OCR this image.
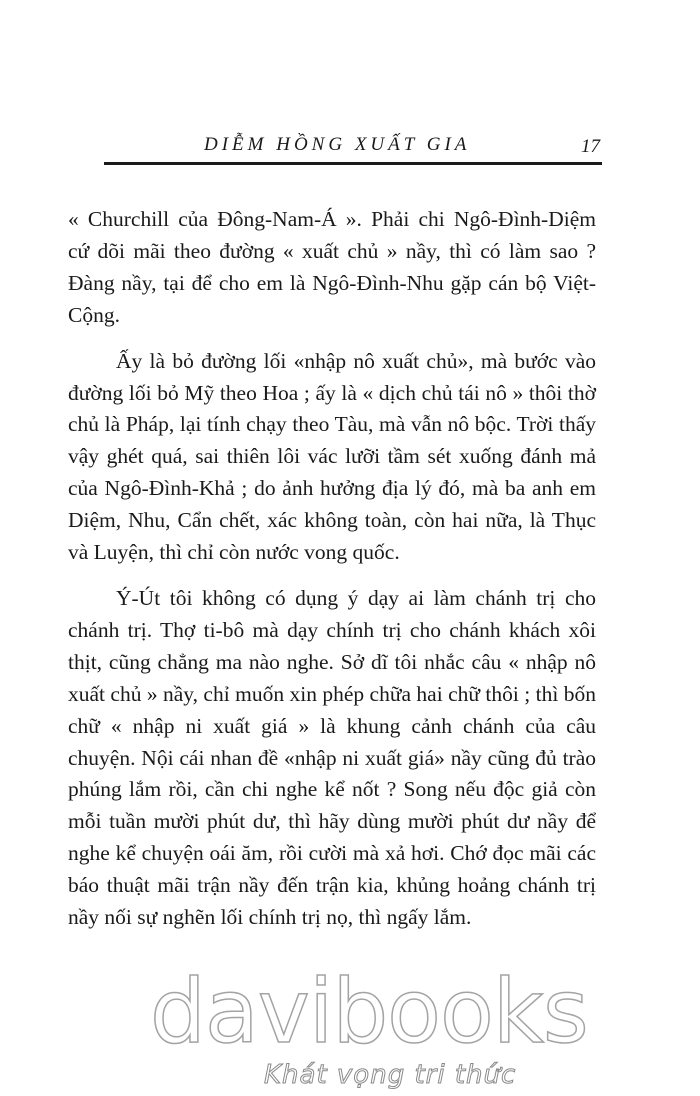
DIỄM HỒNG XUẤT GIA	17

« Churchill của Đông-Nam-Á ». Phải chi Ngô-Đình-Diệm cứ dõi mãi theo đường « xuất chủ » nầy, thì có làm sao ? Đàng nầy, tại để cho em là Ngô-Đình-Nhu gặp cán bộ Việt-Cộng.

Ấy là bỏ đường lối «nhập nô xuất chủ», mà bước vào đường lối bỏ Mỹ theo Hoa ; ấy là « dịch chủ tái nô » thôi thờ chủ là Pháp, lại tính chạy theo Tàu, mà vẫn nô bộc. Trời thấy vậy ghét quá, sai thiên lôi vác lưỡi tầm sét xuống đánh mả của Ngô-Đình-Khả ; do ảnh hưởng địa lý đó, mà ba anh em Diệm, Nhu, Cẩn chết, xác không toàn, còn hai nữa, là Thục và Luyện, thì chỉ còn nước vong quốc.

Ý-Út tôi không có dụng ý dạy ai làm chánh trị cho chánh trị. Thợ ti-bô mà dạy chính trị cho chánh khách xôi thịt, cũng chẳng ma nào nghe. Sở dĩ tôi nhắc câu « nhập nô xuất chủ » nầy, chỉ muốn xin phép chữa hai chữ thôi ; thì bốn chữ « nhập ni xuất giá » là khung cảnh chánh của câu chuyện. Nội cái nhan đề «nhập ni xuất giá» nầy cũng đủ trào phúng lắm rồi, cần chi nghe kể nốt ? Song nếu độc giả còn mỗi tuần mười phút dư, thì hãy dùng mười phút dư nầy để nghe kể chuyện oái ăm, rồi cười mà xả hơi. Chớ đọc mãi các báo thuật mãi trận nầy đến trận kia, khủng hoảng chánh trị nầy nối sự nghẽn lối chính trị nọ, thì ngấy lắm.

davibooks
Khát vọng tri thức
